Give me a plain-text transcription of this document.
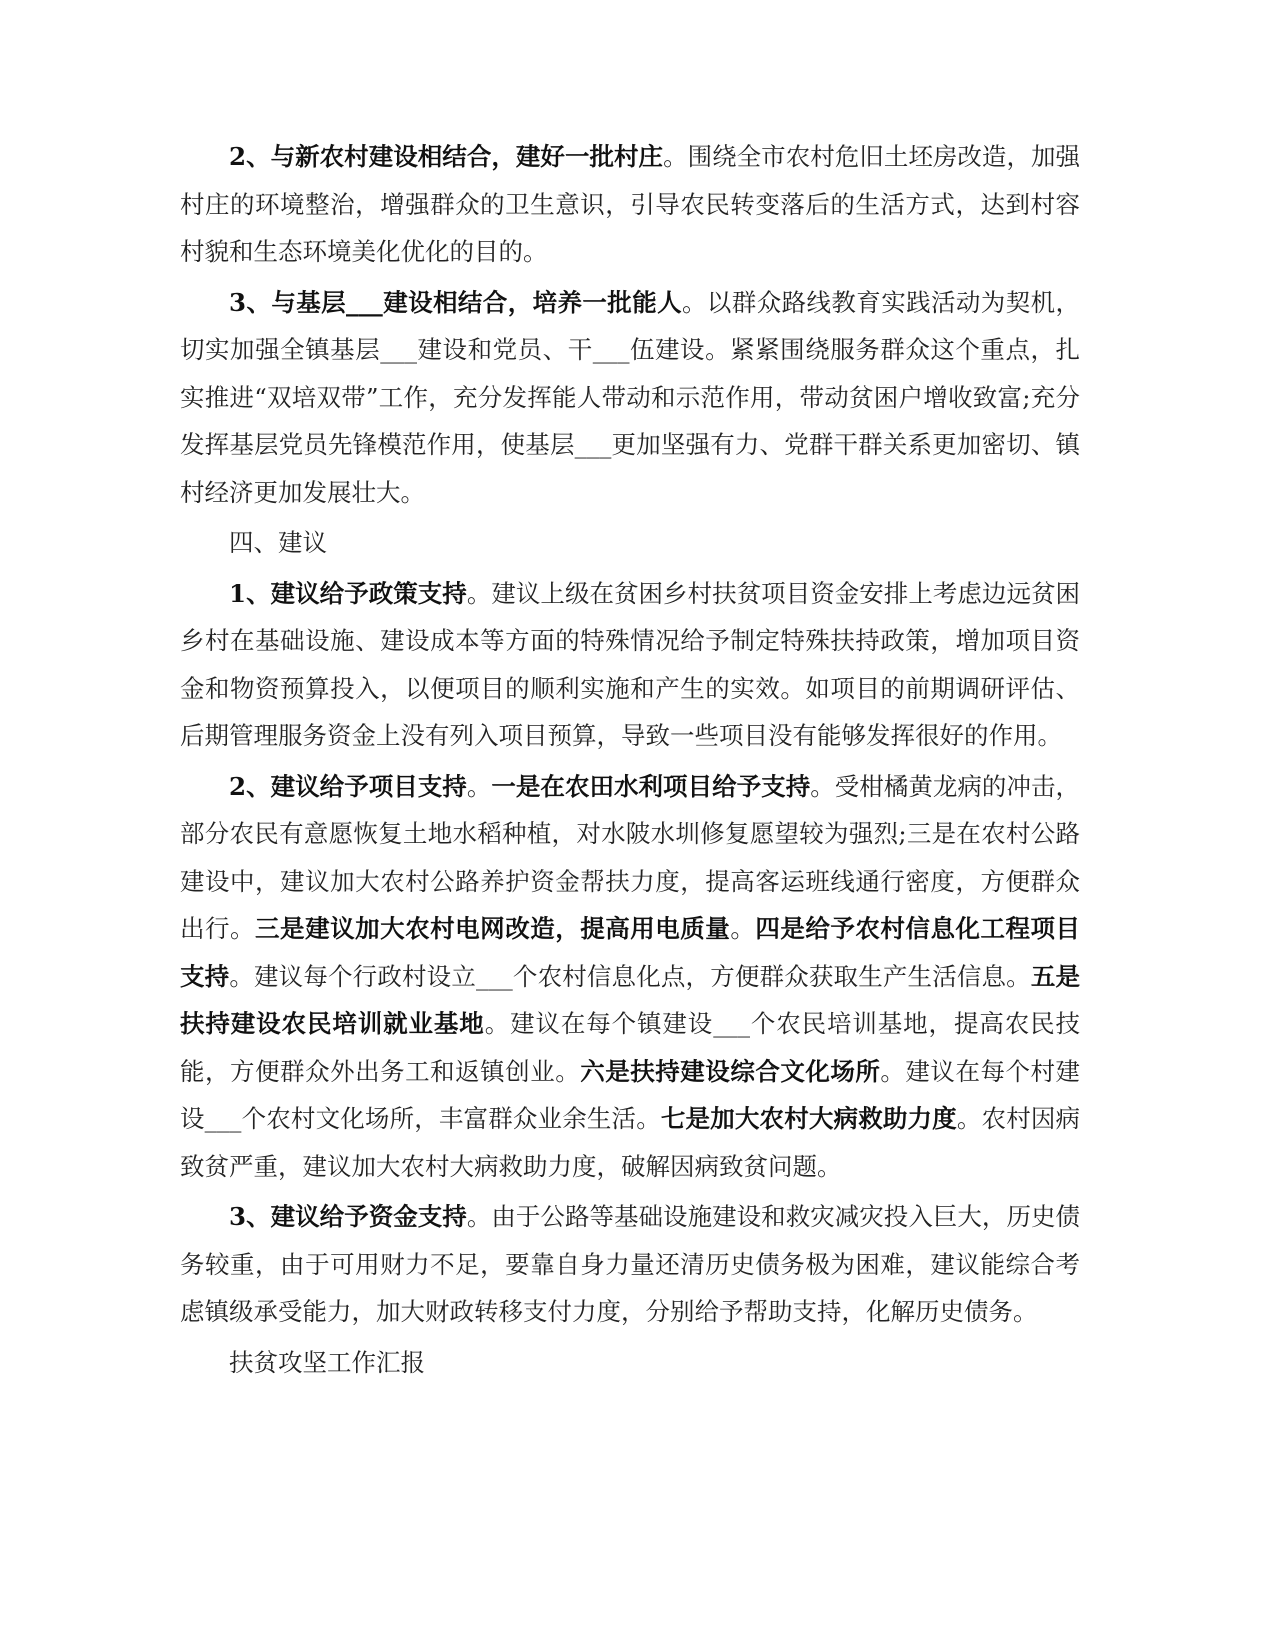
2、与新农村建设相结合，建好一批村庄。围绕全市农村危旧土坯房改造，加强村庄的环境整治，增强群众的卫生意识，引导农民转变落后的生活方式，达到村容村貌和生态环境美化优化的目的。

3、与基层___建设相结合，培养一批能人。以群众路线教育实践活动为契机，切实加强全镇基层___建设和党员、干___伍建设。紧紧围绕服务群众这个重点，扎实推进“双培双带”工作，充分发挥能人带动和示范作用，带动贫困户增收致富;充分发挥基层党员先锋模范作用，使基层___更加坚强有力、党群干群关系更加密切、镇村经济更加发展壮大。

四、建议

1、建议给予政策支持。建议上级在贫困乡村扶贫项目资金安排上考虑边远贫困乡村在基础设施、建设成本等方面的特殊情况给予制定特殊扶持政策，增加项目资金和物资预算投入，以便项目的顺利实施和产生的实效。如项目的前期调研评估、后期管理服务资金上没有列入项目预算，导致一些项目没有能够发挥很好的作用。

2、建议给予项目支持。一是在农田水利项目给予支持。受柑橘黄龙病的冲击，部分农民有意愿恢复土地水稻种植，对水陂水圳修复愿望较为强烈;三是在农村公路建设中，建议加大农村公路养护资金帮扶力度，提高客运班线通行密度，方便群众出行。三是建议加大农村电网改造，提高用电质量。四是给予农村信息化工程项目支持。建议每个行政村设立___个农村信息化点，方便群众获取生产生活信息。五是扶持建设农民培训就业基地。建议在每个镇建设___个农民培训基地，提高农民技能，方便群众外出务工和返镇创业。六是扶持建设综合文化场所。建议在每个村建设___个农村文化场所，丰富群众业余生活。七是加大农村大病救助力度。农村因病致贫严重，建议加大农村大病救助力度，破解因病致贫问题。

3、建议给予资金支持。由于公路等基础设施建设和救灾减灾投入巨大，历史债务较重，由于可用财力不足，要靠自身力量还清历史债务极为困难，建议能综合考虑镇级承受能力，加大财政转移支付力度，分别给予帮助支持，化解历史债务。

扶贫攻坚工作汇报
